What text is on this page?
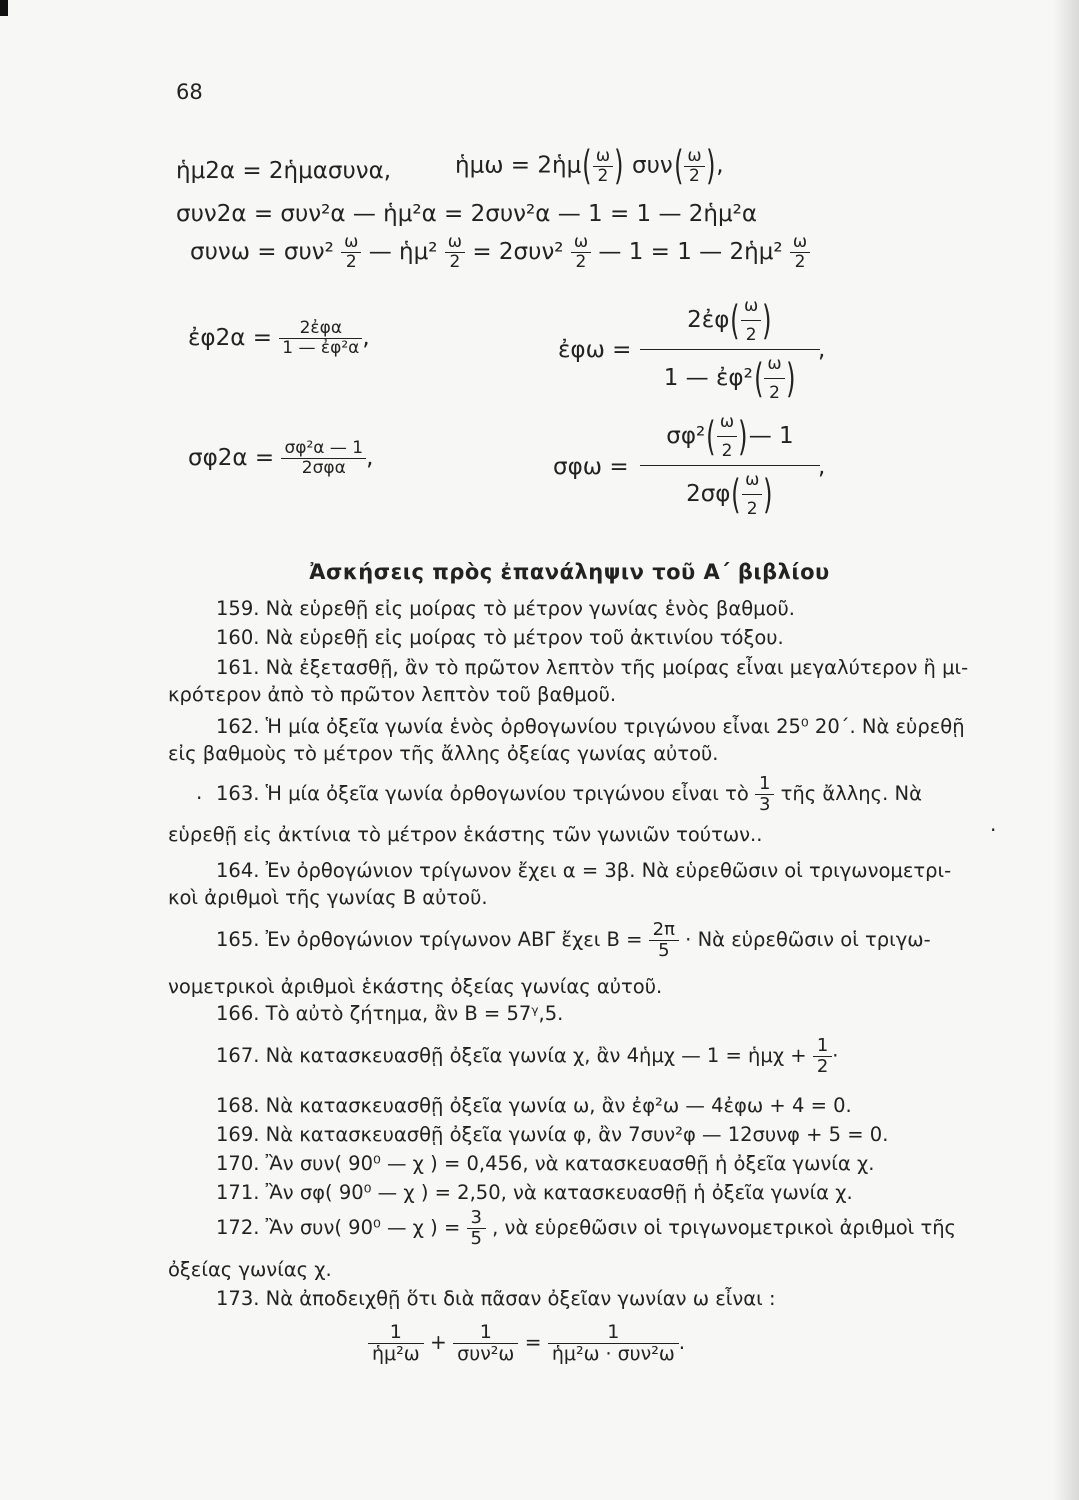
68
ἡμ2α = 2ἡμασυνα,	ἡμω = 2ἡμ( $\frac{\omega}{2}$ ) $\sigma\upsilon\nu( \frac{\omega}{2}$ ),
συν2α = συν²α — ἡμ²α = 2συν²α — 1 = 1 — 2ἡμ²α
$\sigma\upsilon\nu\omega = \sigma\upsilon\nu^2 \frac{\omega}{2}$ — ἡμ² $\frac{\omega}{2} = 2\sigma\upsilon\nu^2 \frac{\omega}{2}$ — 1 = 1 — 2ἡμ² $\frac{\omega}{2}$
ἐφ2α = $\frac{\text{2ἐφα}}{\text{1 — ἐφ²α}}$ ,	ἐφω = $\frac{2ἐ\varphi( \frac{\omega}{2} )}{1 — ἐ\varphi^2( \frac{\omega}{2} )}$
,
$\sigma\varphi 2\alpha = \frac{\text{σφ²α — 1}}{\text{2σφα}}$ ,	$\sigma\varphi\omega = \frac{\sigma\varphi^2( \frac{\omega}{2} )— 1}{2\sigma\varphi( \frac{\omega}{2} )}$
,
Ἀσκήσεις πρὸς ἐπανάληψιν τοῦ Α΄ βιβλίου
159. Νὰ εὑρεθῇ εἰς μοίρας τὸ μέτρον γωνίας ἑνὸς βαθμοῦ.
160. Νὰ εὑρεθῇ εἰς μοίρας τὸ μέτρον τοῦ ἀκτινίου τόξου.
161. Νὰ ἐξετασθῇ, ἂν τὸ πρῶτον λεπτὸν τῆς μοίρας εἶναι μεγαλύτερον ἢ μι-
κρότερον ἀπὸ τὸ πρῶτον λεπτὸν τοῦ βαθμοῦ.
162. Ἡ μία ὀξεῖα γωνία ἑνὸς ὀρθογωνίου τριγώνου εἶναι 25⁰ 20΄. Νὰ εὑρεθῇ
εἰς βαθμοὺς τὸ μέτρον τῆς ἄλλης ὀξείας γωνίας αὐτοῦ.
· 163. Ἡ μία ὀξεῖα γωνία ὀρθογωνίου τριγώνου εἶναι τὸ $\frac{1}{3}$ τῆς ἄλλης. Νὰ
εὑρεθῇ εἰς ἀκτίνια τὸ μέτρον ἑκάστης τῶν γωνιῶν τούτων..	·
164. Ἐν ὀρθογώνιον τρίγωνον ἔχει α = 3β. Νὰ εὑρεθῶσιν οἱ τριγωνομετρι-
κοὶ ἀριθμοὶ τῆς γωνίας Β αὐτοῦ.
165. Ἐν ὀρθογώνιον τρίγωνον ΑΒΓ ἔχει $B = \frac{2\pi}{5}$ · Νὰ εὑρεθῶσιν οἱ τριγω-
νομετρικοὶ ἀριθμοὶ ἑκάστης ὀξείας γωνίας αὐτοῦ.
166. Τὸ αὐτὸ ζήτημα, ἂν Β = 57ᵞ,5.
167. Νὰ κατασκευασθῇ ὀξεῖα γωνία χ, ἂν 4ἡμχ — 1 = ἡμχ + $\frac{1}{2}$ ·
168. Νὰ κατασκευασθῇ ὀξεῖα γωνία ω, ἂν ἐφ²ω — 4ἐφω + 4 = 0.
169. Νὰ κατασκευασθῇ ὀξεῖα γωνία φ, ἂν 7συν²φ — 12συνφ + 5 = 0.
170. Ἂν συν( 90⁰ — χ ) = 0,456, νὰ κατασκευασθῇ ἡ ὀξεῖα γωνία χ.
171. Ἂν σφ( 90⁰ — χ ) = 2,50, νὰ κατασκευασθῇ ἡ ὀξεῖα γωνία χ.
172. Ἂν συν( 90⁰ — χ ) = $\frac{3}{5}$ , νὰ εὑρεθῶσιν οἱ τριγωνομετρικοὶ ἀριθμοὶ τῆς
ὀξείας γωνίας χ.
173. Νὰ ἀποδειχθῇ ὅτι διὰ πᾶσαν ὀξεῖαν γωνίαν ω εἶναι :
$\frac{1}{\text{ἡμ²ω}} + \frac{1}{\text{συν²ω}} = \frac{1}{\text{ἡμ²ω · συν²ω}}$ .
